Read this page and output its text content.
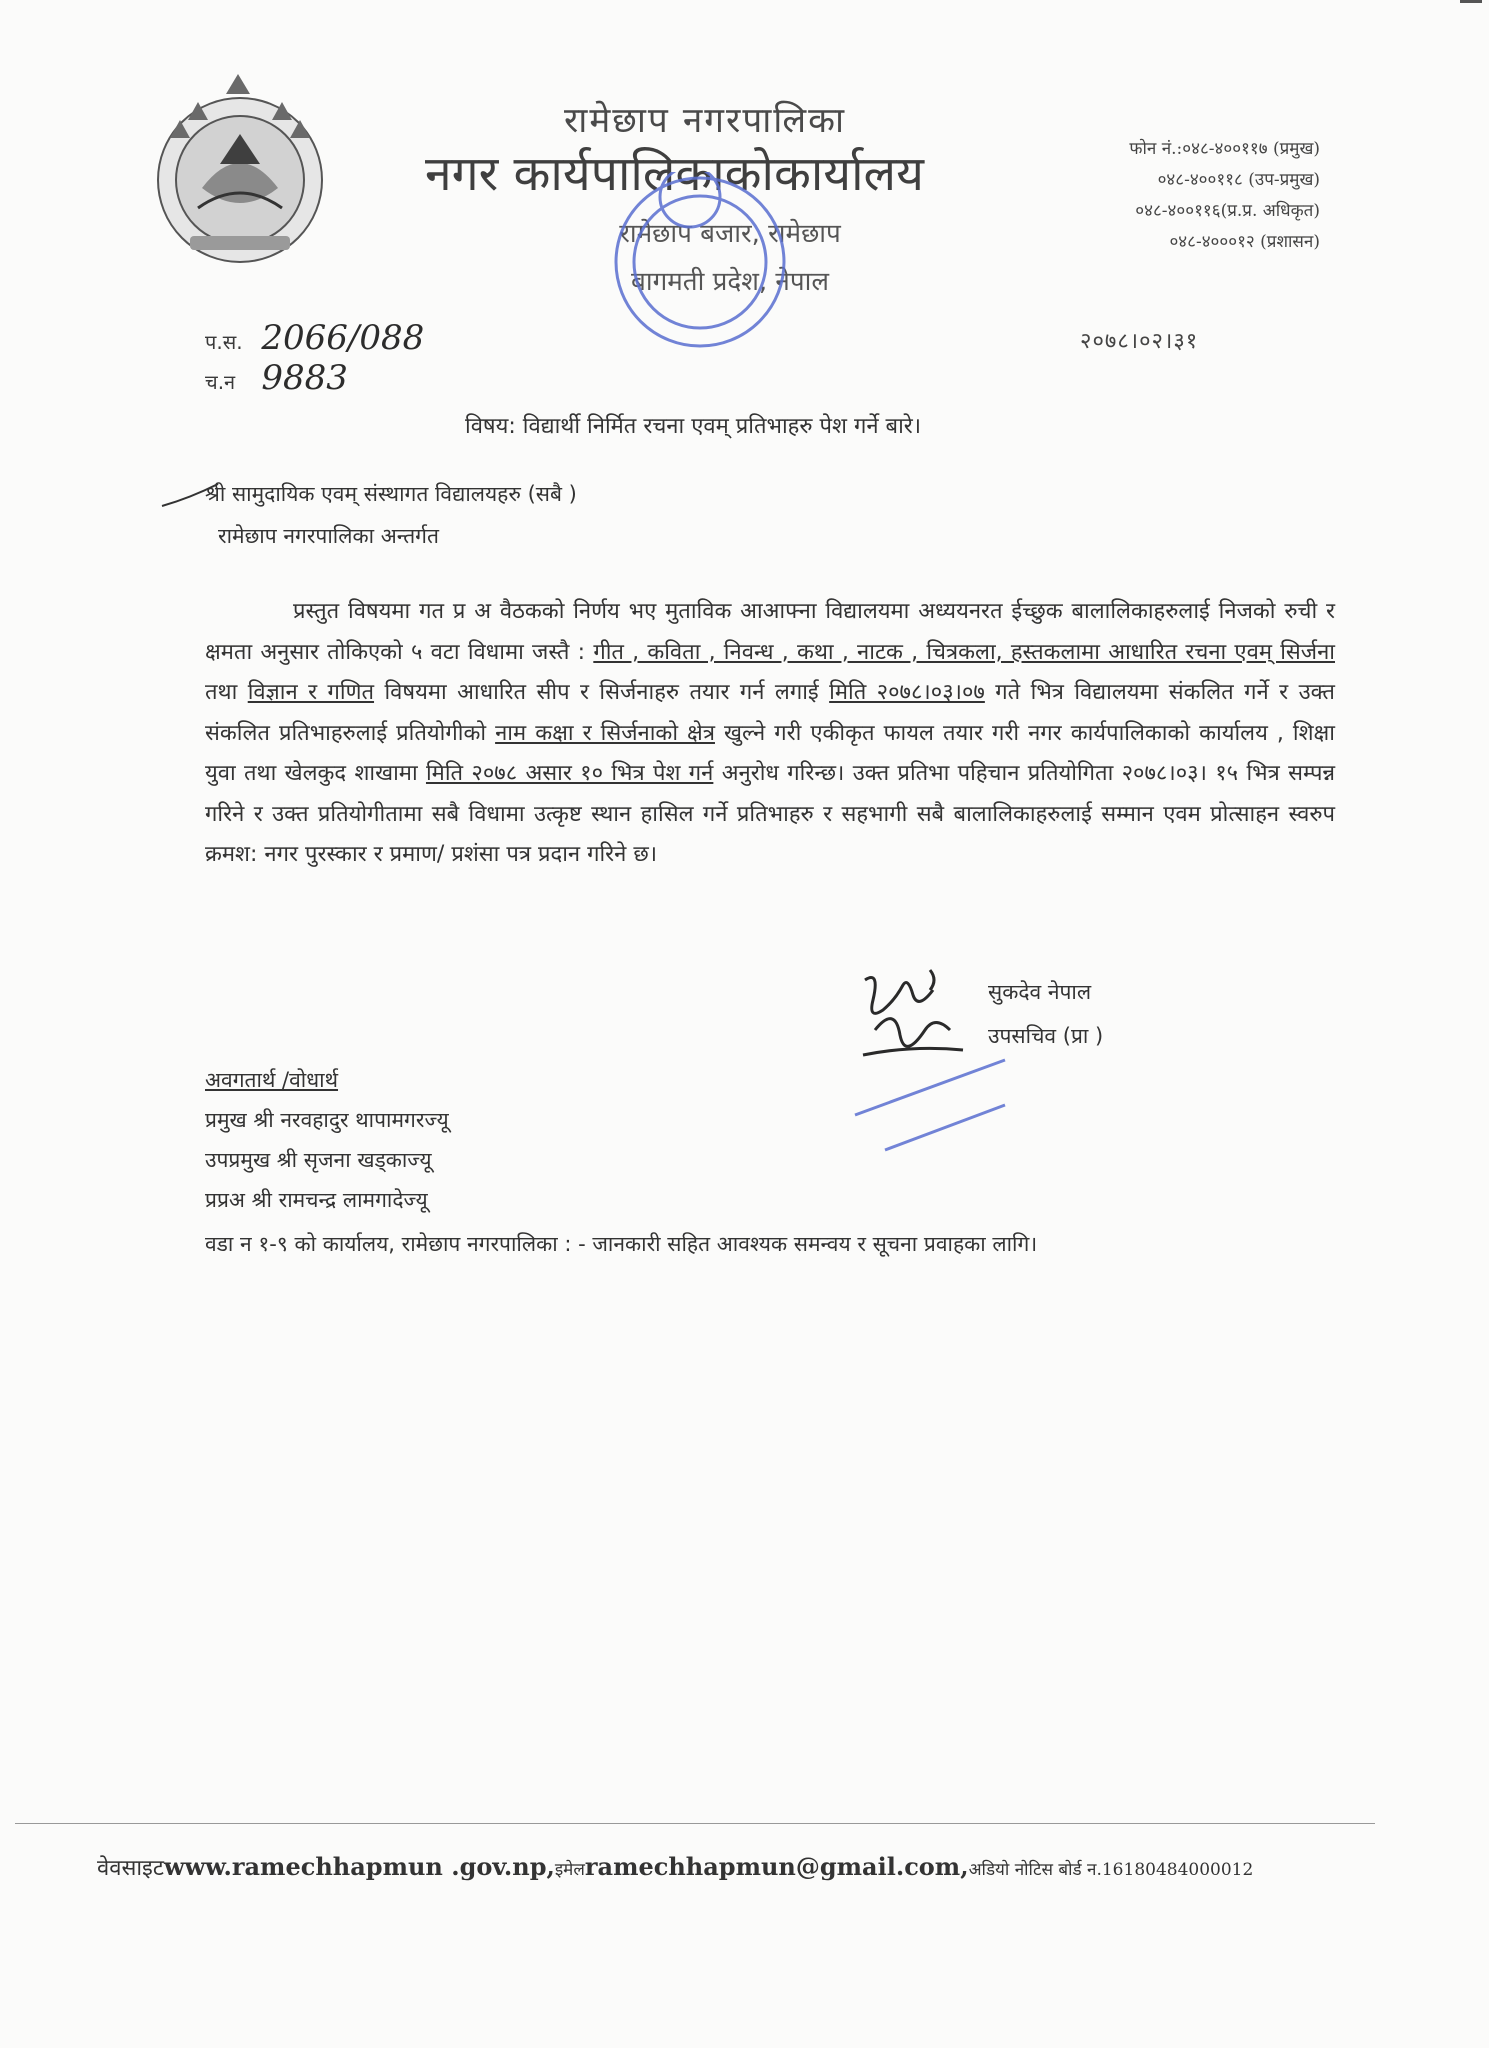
रामेछाप नगरपालिका
नगर कार्यपालिकाकोकार्यालय
रामेछाप बजार, रामेछाप
बागमती प्रदेश, नेपाल
फोन नं.:०४८-४००११७ (प्रमुख)
०४८-४००११८ (उप-प्रमुख)
०४८-४००११६(प्र.प्र. अधिकृत)
०४८-४०००१२ (प्रशासन)
प.स. 2066/088
च.न 9883
२०७८।०२।३१
विषय: विद्यार्थी निर्मित रचना एवम् प्रतिभाहरु पेश गर्ने बारे।
श्री सामुदायिक एवम् संस्थागत विद्यालयहरु (सबै )
रामेछाप नगरपालिका अन्तर्गत
प्रस्तुत विषयमा गत प्र अ वैठकको निर्णय भए मुताविक आआफ्ना विद्यालयमा अध्ययनरत ईच्छुक बालालिकाहरुलाई निजको रुची र क्षमता अनुसार तोकिएको ५ वटा विधामा जस्तै : गीत , कविता , निवन्ध , कथा , नाटक , चित्रकला, हस्तकलामा आधारित रचना एवम् सिर्जना तथा विज्ञान र गणित विषयमा आधारित सीप र सिर्जनाहरु तयार गर्न लगाई मिति २०७८।०३।०७ गते भित्र विद्यालयमा संकलित गर्ने र उक्त संकलित प्रतिभाहरुलाई प्रतियोगीको नाम कक्षा र सिर्जनाको क्षेत्र खुल्ने गरी एकीकृत फायल तयार गरी नगर कार्यपालिकाको कार्यालय , शिक्षा युवा तथा खेलकुद शाखामा मिति २०७८ असार १० भित्र पेश गर्न अनुरोध गरिन्छ। उक्त प्रतिभा पहिचान प्रतियोगिता २०७८।०३। १५ भित्र सम्पन्न गरिने र उक्त प्रतियोगीतामा सबै विधामा उत्कृष्ट स्थान हासिल गर्ने प्रतिभाहरु र सहभागी सबै बालालिकाहरुलाई सम्मान एवम प्रोत्साहन स्वरुप क्रमश: नगर पुरस्कार र प्रमाण/ प्रशंसा पत्र प्रदान गरिने छ।
सुकदेव नेपाल
उपसचिव (प्रा )
अवगतार्थ /वोधार्थ
प्रमुख श्री नरवहादुर थापामगरज्यू
उपप्रमुख श्री सृजना खड्काज्यू
प्रप्रअ श्री रामचन्द्र लामगादेज्यू
वडा न १-९ को कार्यालय, रामेछाप नगरपालिका : - जानकारी सहित आवश्यक समन्वय र सूचना प्रवाहका लागि।
वेवसाइटwww.ramechhapmun .gov.np,इमेलramechhapmun@gmail.com,अडियो नोटिस बोर्ड न.16180484000012
